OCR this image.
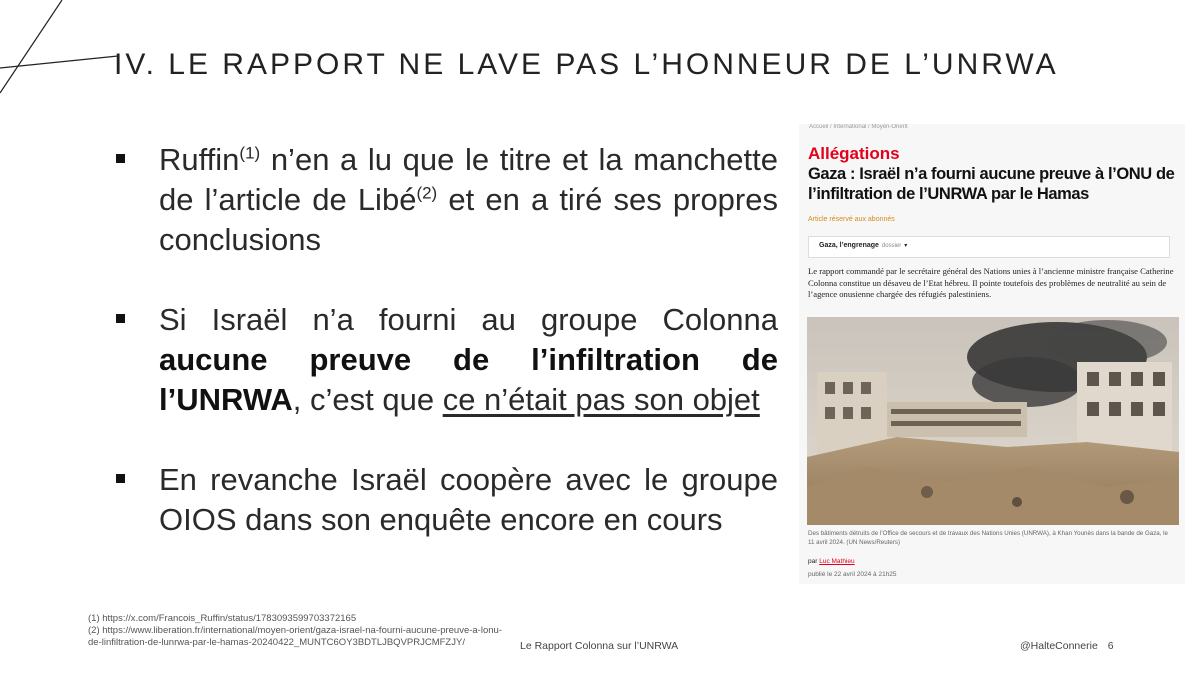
IV. LE RAPPORT NE LAVE PAS L’HONNEUR DE L’UNRWA
Ruffin$^{(1)}$ n’en a lu que le titre et la manchette de l’article de Libé$^{(2)}$ et en a tiré ses propres conclusions
Si Israël n’a fourni au groupe Colonna aucune preuve de l’infiltration de l’UNRWA, c’est que ce n’était pas son objet
En revanche Israël coopère avec le groupe OIOS dans son enquête encore en cours
Accueil / International / Moyen-Orient
Allégations
Gaza : Israël n’a fourni aucune preuve à l’ONU de l’infiltration de l’UNRWA par le Hamas
Article réservé aux abonnés
Gaza, l’engrenage dossier ▾
Le rapport commandé par le secrétaire général des Nations unies à l’ancienne ministre française Catherine Colonna constitue un désaveu de l’Etat hébreu. Il pointe toutefois des problèmes de neutralité au sein de l’agence onusienne chargée des réfugiés palestiniens.
Des bâtiments détruits de l’Office de secours et de travaux des Nations Unies (UNRWA), à Khan Younès dans la bande de Gaza, le 11 avril 2024. (UN News/Reuters)
par Luc Mathieu
publié le 22 avril 2024 à 21h25
(1) https://x.com/Francois_Ruffin/status/1783093599703372165
(2) https://www.liberation.fr/international/moyen-orient/gaza-israel-na-fourni-aucune-preuve-a-lonu-de-linfiltration-de-lunrwa-par-le-hamas-20240422_MUNTC6OY3BDTLJBQVPRJCMFZJY/	Le Rapport Colonna sur l’UNRWA	@HalteConnerie 6
